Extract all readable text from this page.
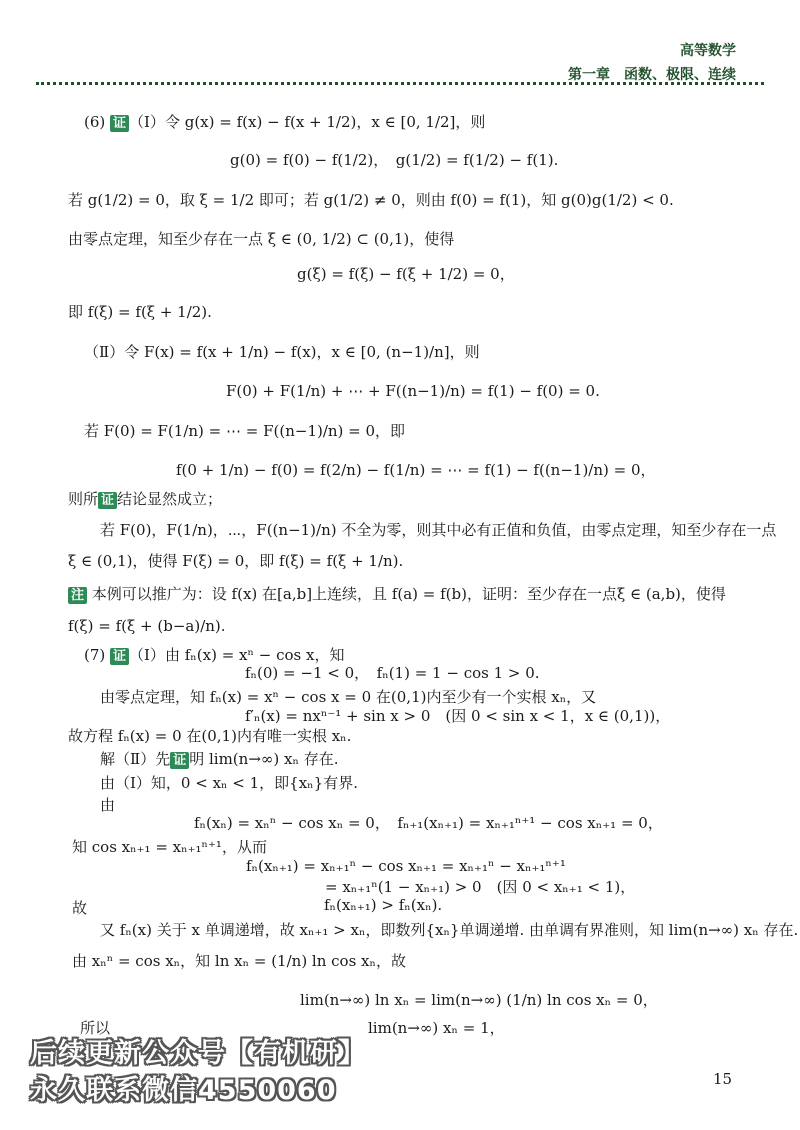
高等数学
第一章　函数、极限、连续
(6) 证 （Ⅰ）令 g(x) = f(x) − f(x + 1/2)，x ∈ [0, 1/2]，则
g(0) = f(0) − f(1/2)，　g(1/2) = f(1/2) − f(1).
若 g(1/2) = 0，取 ξ = 1/2 即可；若 g(1/2) ≠ 0，则由 f(0) = f(1)，知 g(0)g(1/2) < 0.
由零点定理，知至少存在一点 ξ ∈ (0, 1/2) ⊂ (0,1)，使得
g(ξ) = f(ξ) − f(ξ + 1/2) = 0，
即 f(ξ) = f(ξ + 1/2).
（Ⅱ）令 F(x) = f(x + 1/n) − f(x)，x ∈ [0, (n−1)/n]，则
F(0) + F(1/n) + ⋯ + F((n−1)/n) = f(1) − f(0) = 0.
若 F(0) = F(1/n) = ⋯ = F((n−1)/n) = 0，即
f(0 + 1/n) − f(0) = f(2/n) − f(1/n) = ⋯ = f(1) − f((n−1)/n) = 0，
则所 证 结论显然成立；
若 F(0)，F(1/n)，⋯，F((n−1)/n) 不全为零，则其中必有正值和负值，由零点定理，知至少存在一点
ξ ∈ (0,1)，使得 F(ξ) = 0，即 f(ξ) = f(ξ + 1/n).
注 本例可以推广为：设 f(x) 在[a,b]上连续，且 f(a) = f(b)，证明：至少存在一点ξ ∈ (a,b)，使得
f(ξ) = f(ξ + (b−a)/n).
(7) 证 （Ⅰ）由 fₙ(x) = xⁿ − cos x，知
fₙ(0) = −1 < 0，　fₙ(1) = 1 − cos 1 > 0.
由零点定理，知 fₙ(x) = xⁿ − cos x = 0 在(0,1)内至少有一个实根 xₙ，又
f′ₙ(x) = nxⁿ⁻¹ + sin x > 0　(因 0 < sin x < 1，x ∈ (0,1))，
故方程 fₙ(x) = 0 在(0,1)内有唯一实根 xₙ.
解（Ⅱ）先 证 明 lim(n→∞) xₙ 存在.
由（Ⅰ）知，0 < xₙ < 1，即{xₙ}有界.
由
fₙ(xₙ) = xₙⁿ − cos xₙ = 0，　fₙ₊₁(xₙ₊₁) = xₙ₊₁ⁿ⁺¹ − cos xₙ₊₁ = 0，
知 cos xₙ₊₁ = xₙ₊₁ⁿ⁺¹，从而
fₙ(xₙ₊₁) = xₙ₊₁ⁿ − cos xₙ₊₁ = xₙ₊₁ⁿ − xₙ₊₁ⁿ⁺¹
= xₙ₊₁ⁿ(1 − xₙ₊₁) > 0　(因 0 < xₙ₊₁ < 1)，
故	fₙ(xₙ₊₁) > fₙ(xₙ).
又 fₙ(x) 关于 x 单调递增，故 xₙ₊₁ > xₙ，即数列{xₙ}单调递增. 由单调有界准则，知 lim(n→∞) xₙ 存在.
由 xₙⁿ = cos xₙ，知 ln xₙ = (1/n) ln cos xₙ，故
lim(n→∞) ln xₙ = lim(n→∞) (1/n) ln cos xₙ = 0，
所以	lim(n→∞) xₙ = 1，
后续更新公众号【有机研】
永久联系微信4550060	15
